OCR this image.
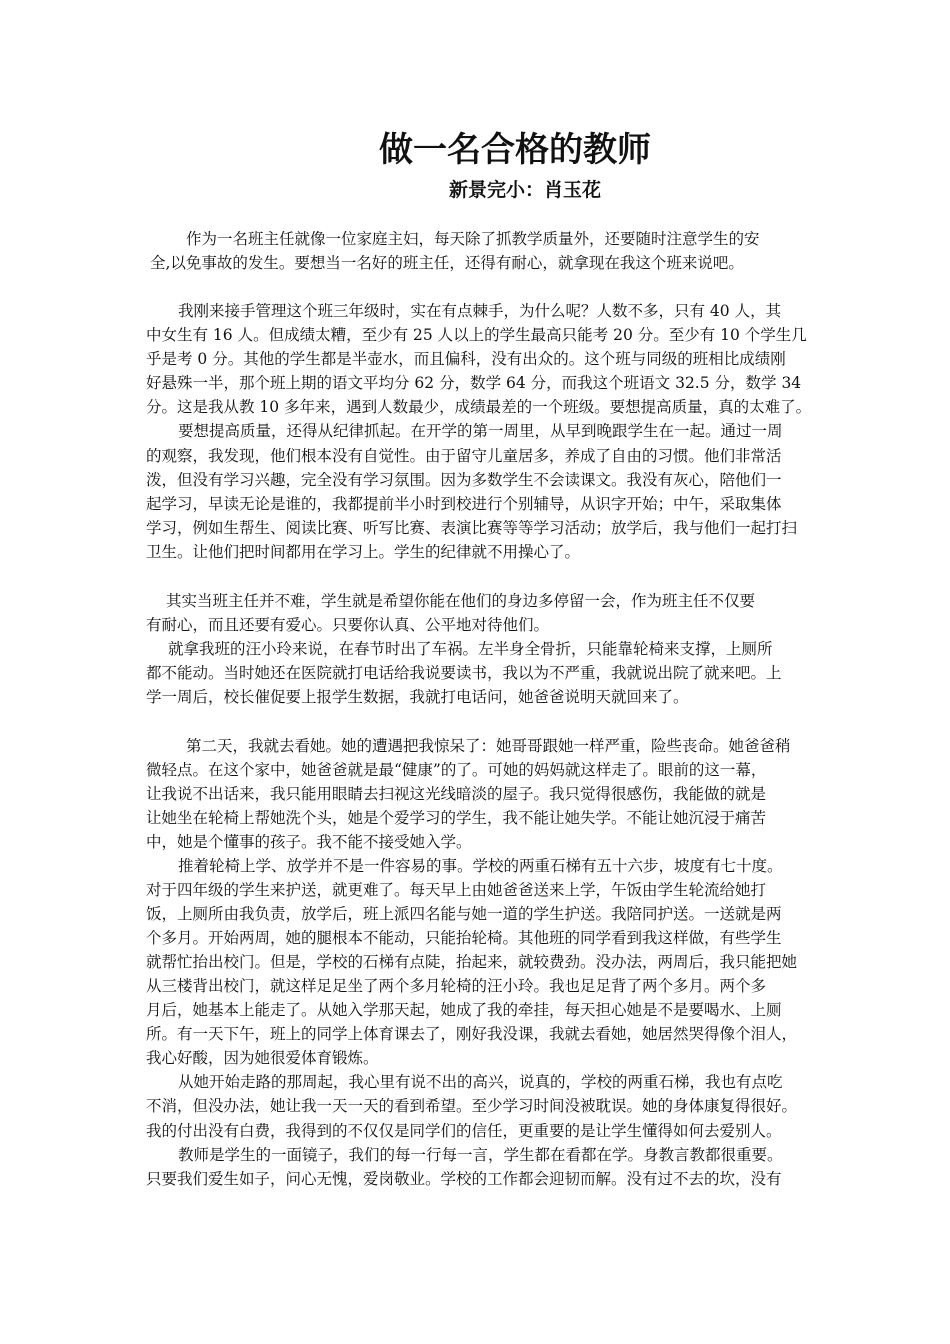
做一名合格的教师
新景完小：肖玉花
作为一名班主任就像一位家庭主妇，每天除了抓教学质量外，还要随时注意学生的安
全,以免事故的发生。要想当一名好的班主任，还得有耐心，就拿现在我这个班来说吧。
我刚来接手管理这个班三年级时，实在有点棘手，为什么呢？人数不多，只有 40 人，其
中女生有 16 人。但成绩太糟，至少有 25 人以上的学生最高只能考 20 分。至少有 10 个学生几
乎是考 0 分。其他的学生都是半壶水，而且偏科，没有出众的。这个班与同级的班相比成绩刚
好悬殊一半，那个班上期的语文平均分 62 分，数学 64 分，而我这个班语文 32.5 分，数学 34
分。这是我从教 10 多年来，遇到人数最少，成绩最差的一个班级。要想提高质量，真的太难了。
要想提高质量，还得从纪律抓起。在开学的第一周里，从早到晚跟学生在一起。通过一周
的观察，我发现，他们根本没有自觉性。由于留守儿童居多，养成了自由的习惯。他们非常活
泼，但没有学习兴趣，完全没有学习氛围。因为多数学生不会读课文。我没有灰心，陪他们一
起学习，早读无论是谁的，我都提前半小时到校进行个别辅导，从识字开始；中午，采取集体
学习，例如生帮生、阅读比赛、听写比赛、表演比赛等等学习活动；放学后，我与他们一起打扫
卫生。让他们把时间都用在学习上。学生的纪律就不用操心了。
其实当班主任并不难，学生就是希望你能在他们的身边多停留一会，作为班主任不仅要
有耐心，而且还要有爱心。只要你认真、公平地对待他们。
就拿我班的汪小玲来说，在春节时出了车祸。左半身全骨折，只能靠轮椅来支撑，上厕所
都不能动。当时她还在医院就打电话给我说要读书，我以为不严重，我就说出院了就来吧。上
学一周后，校长催促要上报学生数据，我就打电话问，她爸爸说明天就回来了。
第二天，我就去看她。她的遭遇把我惊呆了：她哥哥跟她一样严重，险些丧命。她爸爸稍
微轻点。在这个家中，她爸爸就是最“健康”的了。可她的妈妈就这样走了。眼前的这一幕，
让我说不出话来，我只能用眼睛去扫视这光线暗淡的屋子。我只觉得很感伤，我能做的就是
让她坐在轮椅上帮她洗个头，她是个爱学习的学生，我不能让她失学。不能让她沉浸于痛苦
中，她是个懂事的孩子。我不能不接受她入学。
推着轮椅上学、放学并不是一件容易的事。学校的两重石梯有五十六步，坡度有七十度。
对于四年级的学生来护送，就更难了。每天早上由她爸爸送来上学，午饭由学生轮流给她打
饭，上厕所由我负责，放学后，班上派四名能与她一道的学生护送。我陪同护送。一送就是两
个多月。开始两周，她的腿根本不能动，只能抬轮椅。其他班的同学看到我这样做，有些学生
就帮忙抬出校门。但是，学校的石梯有点陡，抬起来，就较费劲。没办法，两周后，我只能把她
从三楼背出校门，就这样足足坐了两个多月轮椅的汪小玲。我也足足背了两个多月。两个多
月后，她基本上能走了。从她入学那天起，她成了我的牵挂，每天担心她是不是要喝水、上厕
所。有一天下午，班上的同学上体育课去了，刚好我没课，我就去看她，她居然哭得像个泪人，
我心好酸，因为她很爱体育锻炼。
从她开始走路的那周起，我心里有说不出的高兴，说真的，学校的两重石梯，我也有点吃
不消，但没办法，她让我一天一天的看到希望。至少学习时间没被耽误。她的身体康复得很好。
我的付出没有白费，我得到的不仅仅是同学们的信任，更重要的是让学生懂得如何去爱别人。
教师是学生的一面镜子，我们的每一行每一言，学生都在看都在学。身教言教都很重要。
只要我们爱生如子，问心无愧，爱岗敬业。学校的工作都会迎韧而解。没有过不去的坎，没有
